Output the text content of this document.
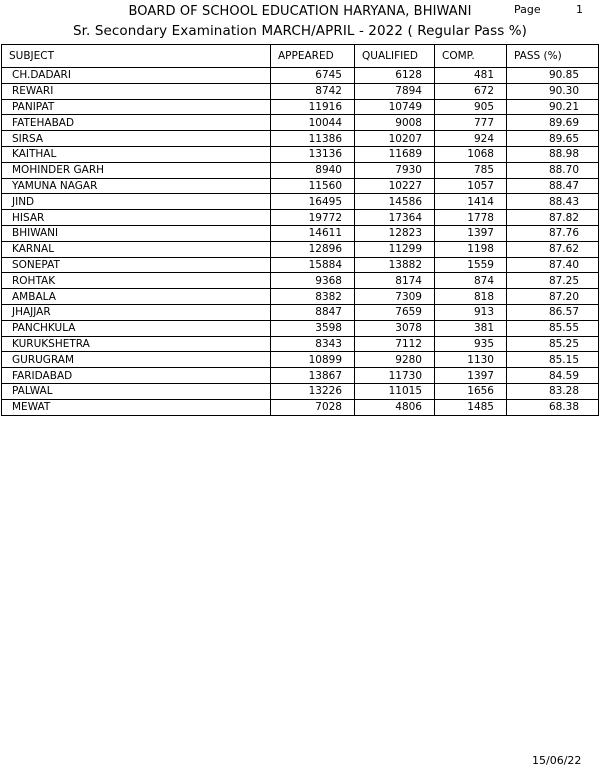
BOARD OF SCHOOL EDUCATION HARYANA, BHIWANI	Page	1
Sr. Secondary Examination MARCH/APRIL - 2022 ( Regular Pass %)
SUBJECT	APPEARED	QUALIFIED	COMP.	PASS (%)
CH.DADARI	6745	6128	481	90.85
REWARI	8742	7894	672	90.30
PANIPAT	11916	10749	905	90.21
FATEHABAD	10044	9008	777	89.69
SIRSA	11386	10207	924	89.65
KAITHAL	13136	11689	1068	88.98
MOHINDER GARH	8940	7930	785	88.70
YAMUNA NAGAR	11560	10227	1057	88.47
JIND	16495	14586	1414	88.43
HISAR	19772	17364	1778	87.82
BHIWANI	14611	12823	1397	87.76
KARNAL	12896	11299	1198	87.62
SONEPAT	15884	13882	1559	87.40
ROHTAK	9368	8174	874	87.25
AMBALA	8382	7309	818	87.20
JHAJJAR	8847	7659	913	86.57
PANCHKULA	3598	3078	381	85.55
KURUKSHETRA	8343	7112	935	85.25
GURUGRAM	10899	9280	1130	85.15
FARIDABAD	13867	11730	1397	84.59
PALWAL	13226	11015	1656	83.28
MEWAT	7028	4806	1485	68.38
15/06/22
